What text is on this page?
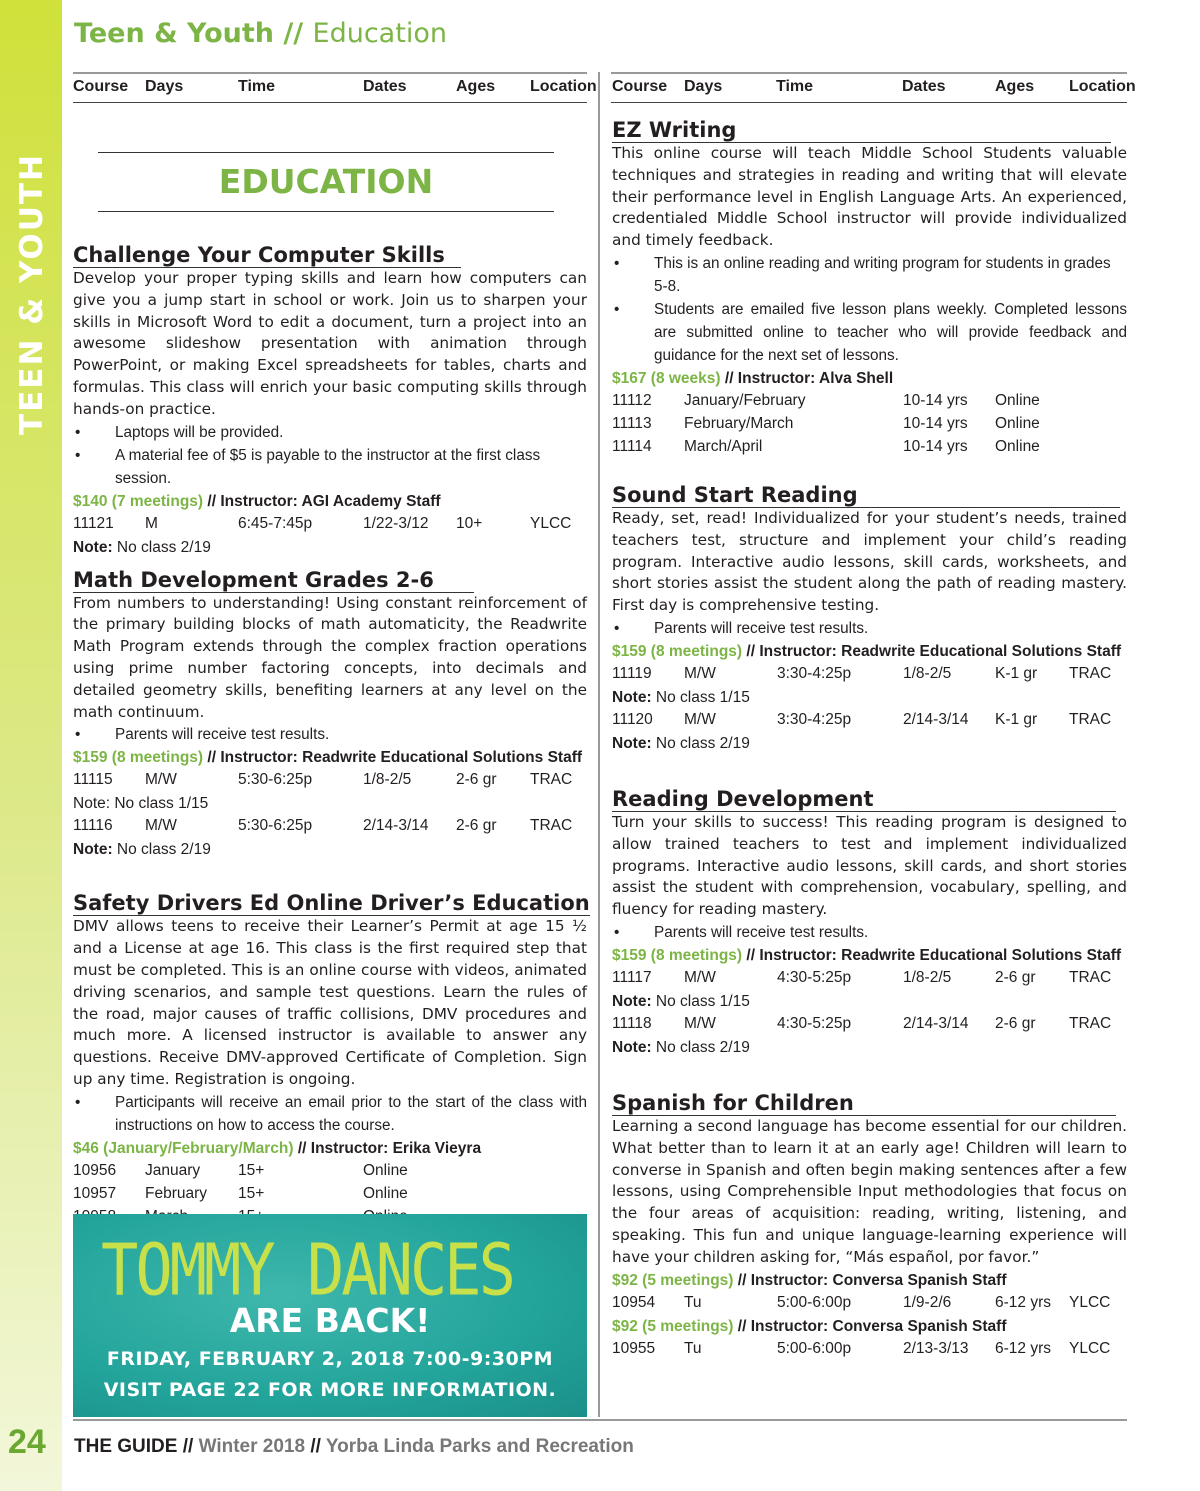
TEEN & YOUTH
24
Teen & Youth // Education
Course Days	Time	Dates	Ages Location Course Days	Time	Dates	Ages Location
EDUCATION
Challenge Your Computer Skills

Develop your proper typing skills and learn how computers can give you a jump start in school or work. Join us to sharpen your skills in Microsoft Word to edit a document, turn a project into an awesome slideshow presentation with animation through PowerPoint, or making Excel spreadsheets for tables, charts and formulas. This class will enrich your basic computing skills through hands-on practice.

• Laptops will be provided.

• A material fee of $5 is payable to the instructor at the first class session.

$140 (7 meetings) // Instructor: AGI Academy Staff

11121 M	6:45-7:45p	1/22-3/12 10+	YLCC

Note: No class 2/19

Math Development Grades 2-6

From numbers to understanding! Using constant reinforcement of the primary building blocks of math automaticity, the Readwrite Math Program extends through the complex fraction operations using prime number factoring concepts, into decimals and detailed geometry skills, benefiting learners at any level on the math continuum.

• Parents will receive test results.

$159 (8 meetings) // Instructor: Readwrite Educational Solutions Staff

11115 M/W	5:30-6:25p	1/8-2/5	2-6 gr TRAC

Note: No class 1/15

11116 M/W	5:30-6:25p	2/14-3/14 2-6 gr TRAC

Note: No class 2/19

Safety Drivers Ed Online Driver’s Education

DMV allows teens to receive their Learner’s Permit at age 15 ½ and a License at age 16. This class is the first required step that must be completed. This is an online course with videos, animated driving scenarios, and sample test questions. Learn the rules of the road, major causes of traffic collisions, DMV procedures and much more. A licensed instructor is available to answer any questions. Receive DMV-approved Certificate of Completion. Sign up any time. Registration is ongoing.

• Participants will receive an email prior to the start of the class with instructions on how to access the course.

$46 (January/February/March) // Instructor: Erika Vieyra

10956 January 15+	Online
10957 February 15+	Online
TOMMY DANCES
ARE BACK!
FRIDAY, FEBRUARY 2, 2018 7:00-9:30PM
VISIT PAGE 22 FOR MORE INFORMATION.
EZ Writing

This online course will teach Middle School Students valuable techniques and strategies in reading and writing that will elevate their performance level in English Language Arts. An experienced, credentialed Middle School instructor will provide individualized and timely feedback.

• This is an online reading and writing program for students in grades 5-8.

• Students are emailed five lesson plans weekly. Completed lessons are submitted online to teacher who will provide feedback and guidance for the next set of lessons.

$167 (8 weeks) // Instructor: Alva Shell

11112 January/February	10-14 yrs Online
11113 February/March	10-14 yrs Online
11114 March/April	10-14 yrs Online
Sound Start Reading

Ready, set, read! Individualized for your student’s needs, trained teachers test, structure and implement your child’s reading program. Interactive audio lessons, skill cards, worksheets, and short stories assist the student along the path of reading mastery. First day is comprehensive testing.

• Parents will receive test results.

$159 (8 meetings) // Instructor: Readwrite Educational Solutions Staff

11119 M/W	3:30-4:25p	1/8-2/5	K-1 gr TRAC

Note: No class 1/15

11120 M/W	3:30-4:25p	2/14-3/14 K-1 gr TRAC

Note: No class 2/19

Reading Development

Turn your skills to success! This reading program is designed to allow trained teachers to test and implement individualized programs. Interactive audio lessons, skill cards, and short stories assist the student with comprehension, vocabulary, spelling, and fluency for reading mastery.

• Parents will receive test results.

$159 (8 meetings) // Instructor: Readwrite Educational Solutions Staff

11117 M/W	4:30-5:25p	1/8-2/5	2-6 gr TRAC

Note: No class 1/15

11118 M/W	4:30-5:25p	2/14-3/14 2-6 gr TRAC

Note: No class 2/19

Spanish for Children

Learning a second language has become essential for our children. What better than to learn it at an early age! Children will learn to converse in Spanish and often begin making sentences after a few lessons, using Comprehensible Input methodologies that focus on the four areas of acquisition: reading, writing, listening, and speaking. This fun and unique language-learning experience will have your children asking for, “Más español, por favor.”

$92 (5 meetings) // Instructor: Conversa Spanish Staff

10954 Tu	5:00-6:00p	1/9-2/6	6-12 yrs YLCC

$92 (5 meetings) // Instructor: Conversa Spanish Staff

10955 Tu	5:00-6:00p	2/13-3/13 6-12 yrs YLCC
THE GUIDE // Winter 2018 // Yorba Linda Parks and Recreation
